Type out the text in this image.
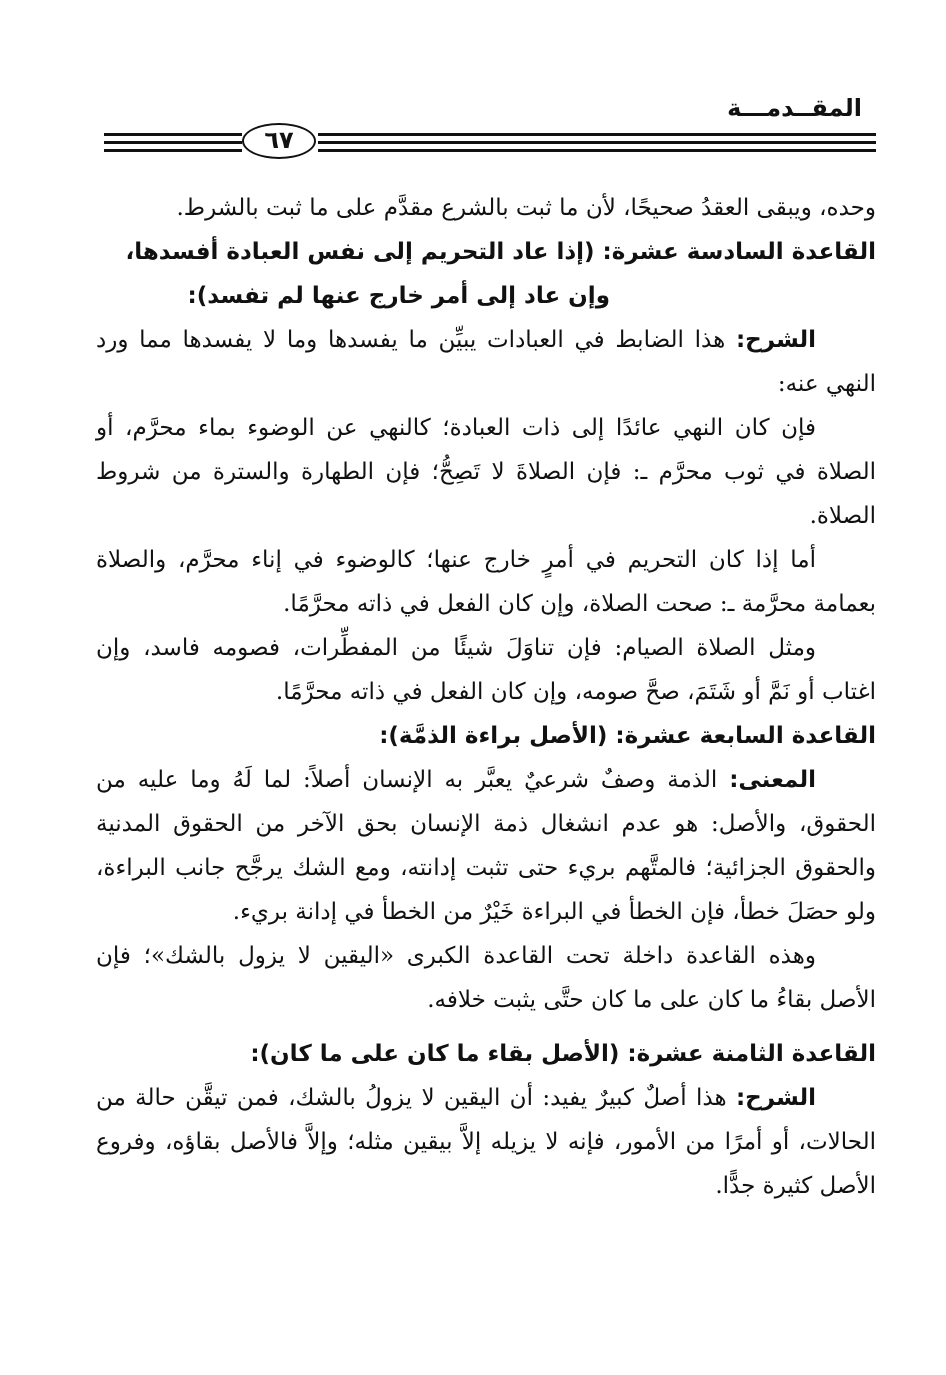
المقــدمـــة
٦٧

وحده، ويبقى العقدُ صحيحًا، لأن ما ثبت بالشرع مقدَّم على ما ثبت بالشرط.

القاعدة السادسة عشرة: (إذا عاد التحريم إلى نفس العبادة أفسدها،
وإن عاد إلى أمر خارج عنها لم تفسد):

الشرح: هذا الضابط في العبادات يبيِّن ما يفسدها وما لا يفسدها مما ورد النهي عنه:

فإن كان النهي عائدًا إلى ذات العبادة؛ كالنهي عن الوضوء بماء محرَّم، أو الصلاة في ثوب محرَّم ـ: فإن الصلاةَ لا تَصِحُّ؛ فإن الطهارة والسترة من شروط الصلاة.

أما إذا كان التحريم في أمرٍ خارج عنها؛ كالوضوء في إناء محرَّم، والصلاة بعمامة محرَّمة ـ: صحت الصلاة، وإن كان الفعل في ذاته محرَّمًا.

ومثل الصلاة الصيام: فإن تناوَلَ شيئًا من المفطِّرات، فصومه فاسد، وإن اغتاب أو نَمَّ أو شَتَمَ، صحَّ صومه، وإن كان الفعل في ذاته محرَّمًا.

القاعدة السابعة عشرة: (الأصل براءة الذمَّة):

المعنى: الذمة وصفٌ شرعيٌ يعبَّر به الإنسان أصلاً: لما لَهُ وما عليه من الحقوق، والأصل: هو عدم انشغال ذمة الإنسان بحق الآخر من الحقوق المدنية والحقوق الجزائية؛ فالمتَّهم بريء حتى تثبت إدانته، ومع الشك يرجَّح جانب البراءة، ولو حصَلَ خطأ، فإن الخطأ في البراءة خَيْرٌ من الخطأ في إدانة بريء.

وهذه القاعدة داخلة تحت القاعدة الكبرى «اليقين لا يزول بالشك»؛ فإن الأصل بقاءُ ما كان على ما كان حتَّى يثبت خلافه.

القاعدة الثامنة عشرة: (الأصل بقاء ما كان على ما كان):

الشرح: هذا أصلٌ كبيرٌ يفيد: أن اليقين لا يزولُ بالشك، فمن تيقَّن حالة من الحالات، أو أمرًا من الأمور، فإنه لا يزيله إلاَّ بيقين مثله؛ وإلاَّ فالأصل بقاؤه، وفروع الأصل كثيرة جدًّا.
